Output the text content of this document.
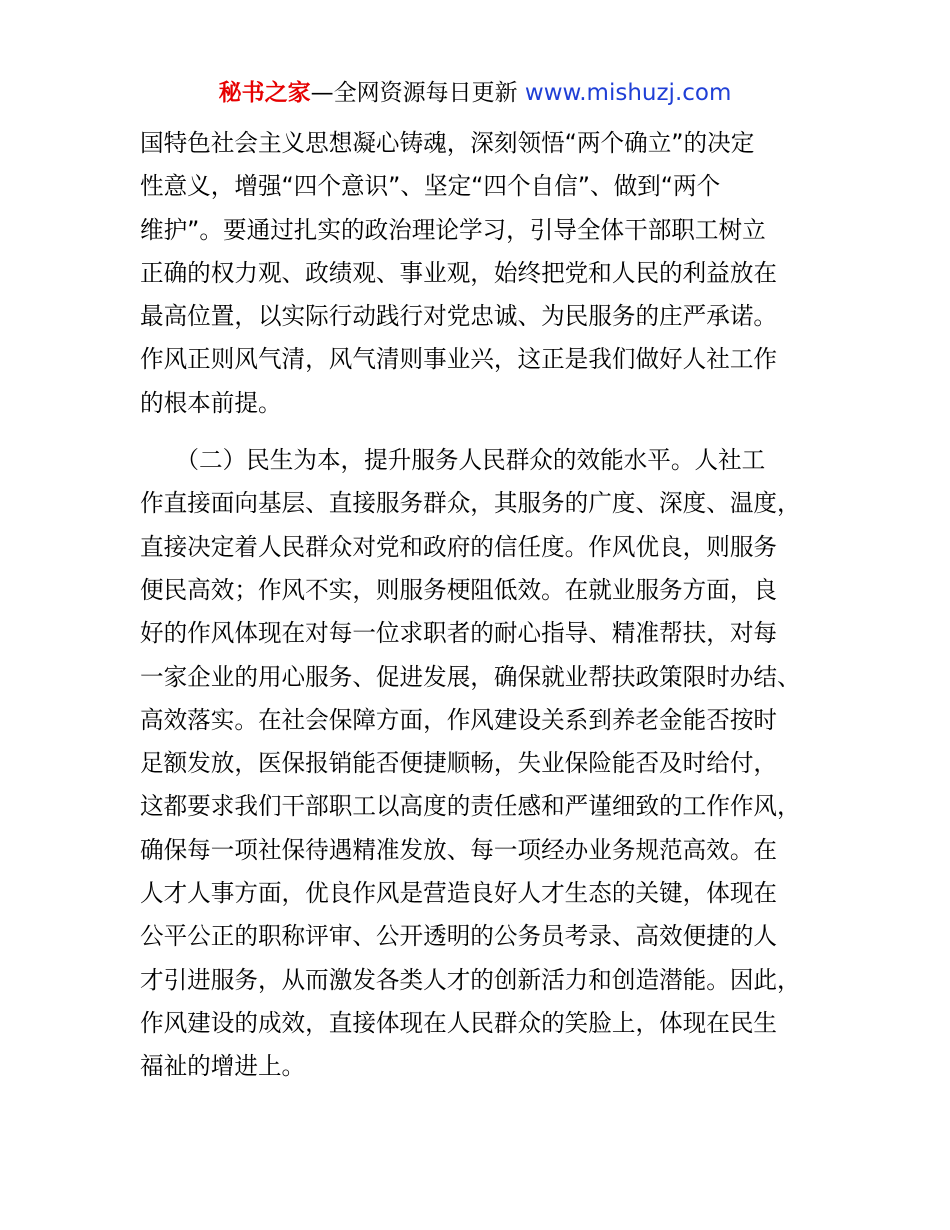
秘书之家—全网资源每日更新 www.mishuzj.com
国特色社会主义思想凝心铸魂，深刻领悟“两个确立”的决定
性意义，增强“四个意识”、坚定“四个自信”、做到“两个
维护”。要通过扎实的政治理论学习，引导全体干部职工树立
正确的权力观、政绩观、事业观，始终把党和人民的利益放在
最高位置，以实际行动践行对党忠诚、为民服务的庄严承诺。
作风正则风气清，风气清则事业兴，这正是我们做好人社工作
的根本前提。
　　（二）民生为本，提升服务人民群众的效能水平。人社工
作直接面向基层、直接服务群众，其服务的广度、深度、温度，
直接决定着人民群众对党和政府的信任度。作风优良，则服务
便民高效；作风不实，则服务梗阻低效。在就业服务方面，良
好的作风体现在对每一位求职者的耐心指导、精准帮扶，对每
一家企业的用心服务、促进发展，确保就业帮扶政策限时办结、
高效落实。在社会保障方面，作风建设关系到养老金能否按时
足额发放，医保报销能否便捷顺畅，失业保险能否及时给付，
这都要求我们干部职工以高度的责任感和严谨细致的工作作风，
确保每一项社保待遇精准发放、每一项经办业务规范高效。在
人才人事方面，优良作风是营造良好人才生态的关键，体现在
公平公正的职称评审、公开透明的公务员考录、高效便捷的人
才引进服务，从而激发各类人才的创新活力和创造潜能。因此，
作风建设的成效，直接体现在人民群众的笑脸上，体现在民生
福祉的增进上。
